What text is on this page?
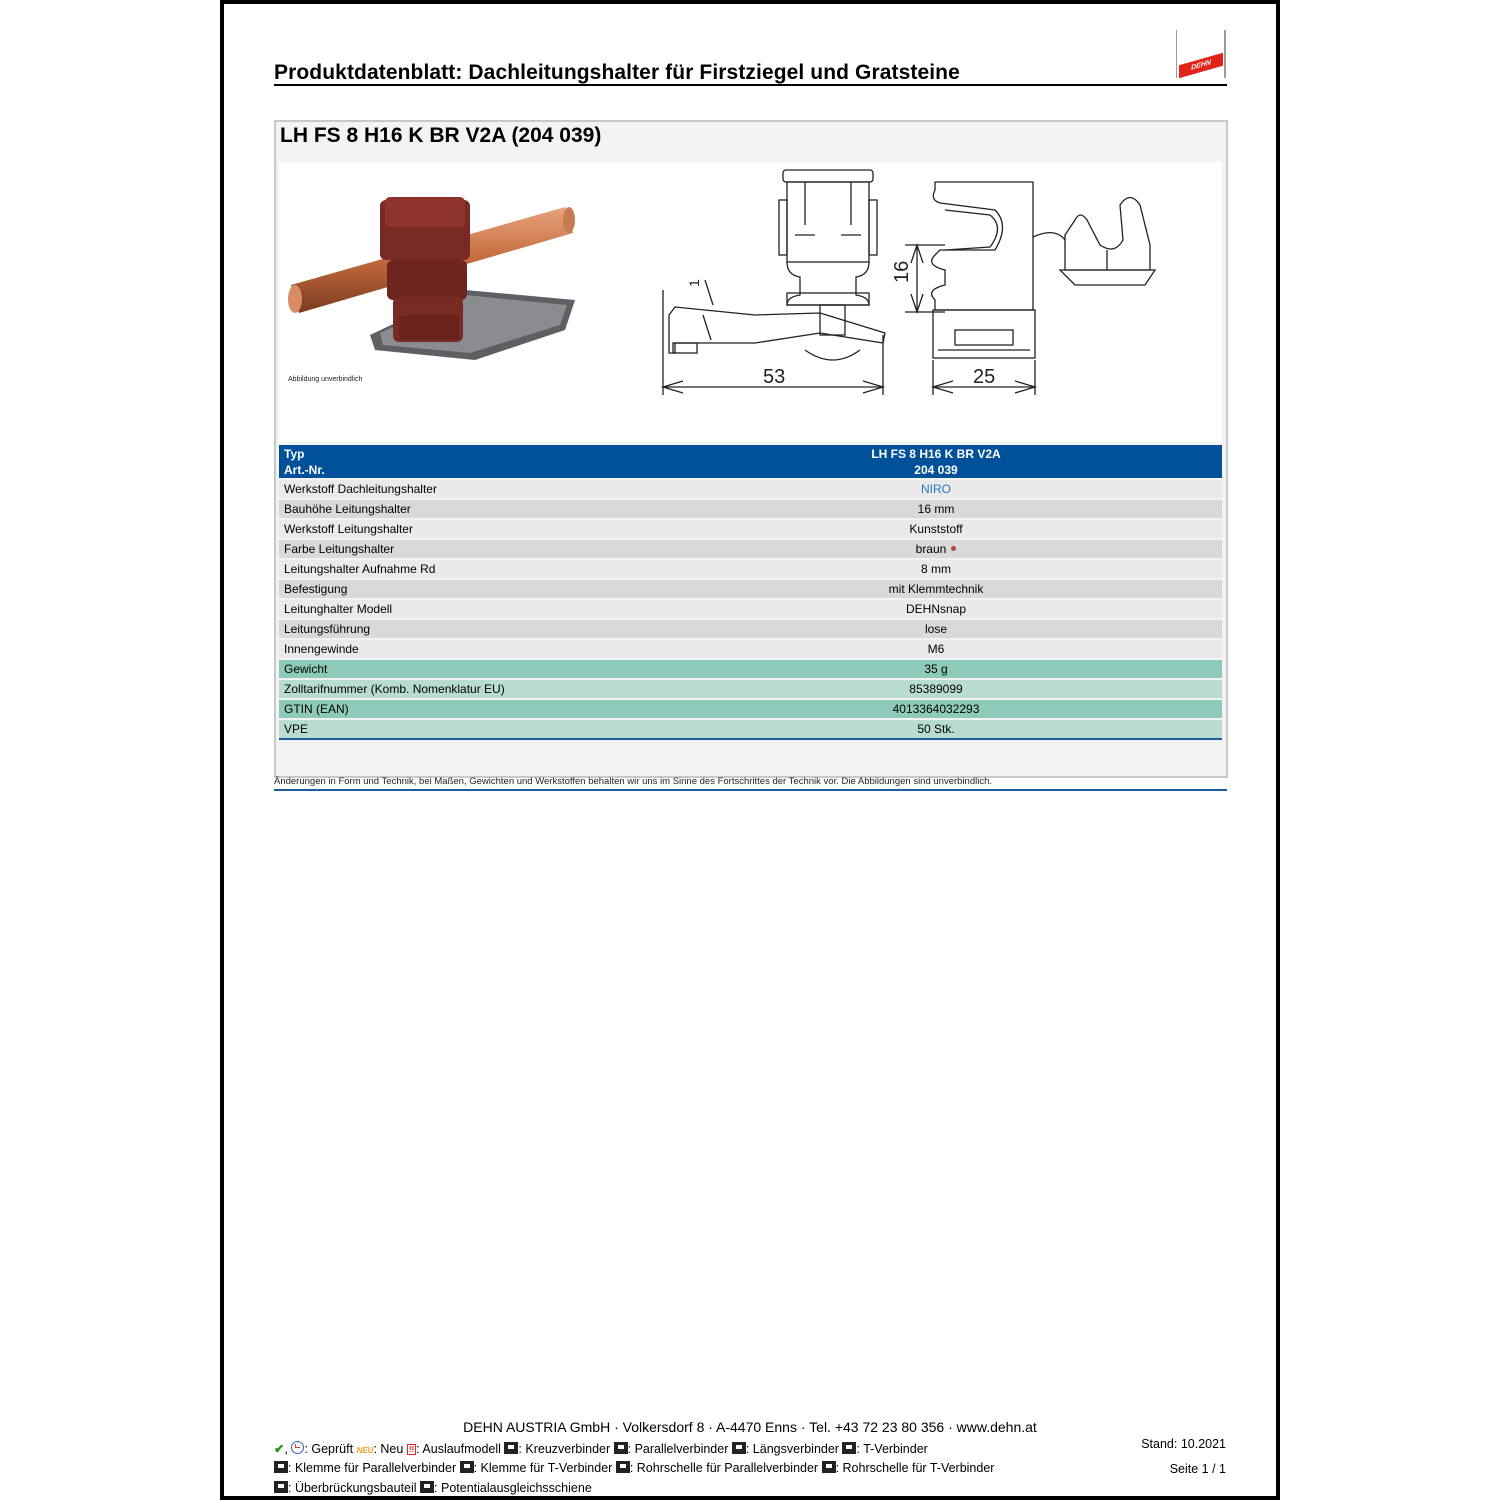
Produktdatenblatt: Dachleitungshalter für Firstziegel und Gratsteine	DEHN
LH FS 8 H16 K BR V2A (204 039)
Abbildung unverbindlich	53
1
16
25
Typ	LH FS 8 H16 K BR V2A
Art.-Nr.	204 039
Werkstoff Dachleitungshalter	NIRO
Bauhöhe Leitungshalter	16 mm
Werkstoff Leitungshalter	Kunststoff
Farbe Leitungshalter	braun
Leitungshalter Aufnahme Rd	8 mm
Befestigung	mit Klemmtechnik
Leitunghalter Modell	DEHNsnap
Leitungsführung	lose
Innengewinde	M6
Gewicht	35 g
Zolltarifnummer (Komb. Nomenklatur EU)	85389099
GTIN (EAN)	4013364032293
VPE	50 Stk.
Änderungen in Form und Technik, bei Maßen, Gewichten und Werkstoffen behalten wir uns im Sinne des Fortschrittes der Technik vor. Die Abbildungen sind unverbindlich.
DEHN AUSTRIA GmbH · Volkersdorf 8 · A-4470 Enns · Tel. +43 72 23 80 356 · www.dehn.at
✔, : Geprüft NEU: Neu !! : Auslaufmodell : Kreuzverbinder : Parallelverbinder : Längsverbinder : T-Verbinder
: Klemme für Parallelverbinder : Klemme für T-Verbinder : Rohrschelle für Parallelverbinder : Rohrschelle für T-Verbinder
: Überbrückungsbauteil : Potentialausgleichsschiene
Stand: 10.2021
Seite 1 / 1
